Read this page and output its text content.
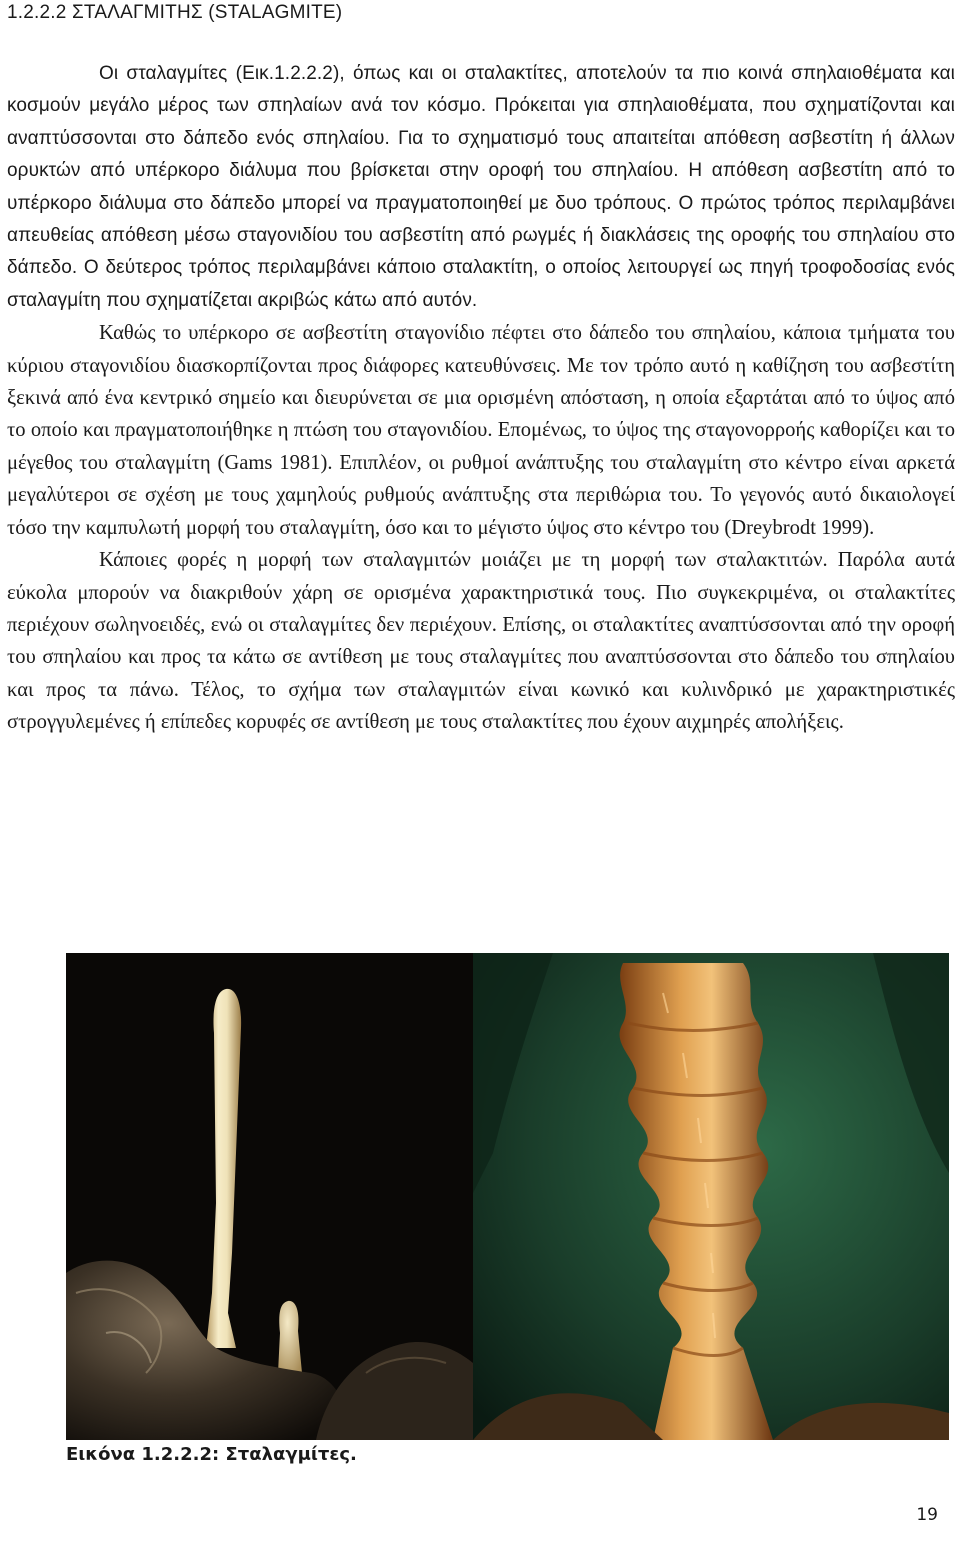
1.2.2.2 ΣΤΑΛΑΓΜΙΤΗΣ (STALAGMITE)

Οι σταλαγμίτες (Εικ.1.2.2.2), όπως και οι σταλακτίτες, αποτελούν τα πιο κοινά σπηλαιοθέματα και κοσμούν μεγάλο μέρος των σπηλαίων ανά τον κόσμο. Πρόκειται για σπηλαιοθέματα, που σχηματίζονται και αναπτύσσονται στο δάπεδο ενός σπηλαίου. Για το σχηματισμό τους απαιτείται απόθεση ασβεστίτη ή άλλων ορυκτών από υπέρκορο διάλυμα που βρίσκεται στην οροφή του σπηλαίου. Η απόθεση ασβεστίτη από το υπέρκορο διάλυμα στο δάπεδο μπορεί να πραγματοποιηθεί με δυο τρόπους. Ο πρώτος τρόπος περιλαμβάνει απευθείας απόθεση μέσω σταγονιδίου του ασβεστίτη από ρωγμές ή διακλάσεις της οροφής του σπηλαίου στο δάπεδο. Ο δεύτερος τρόπος περιλαμβάνει κάποιο σταλακτίτη, ο οποίος λειτουργεί ως πηγή τροφοδοσίας ενός σταλαγμίτη που σχηματίζεται ακριβώς κάτω από αυτόν.

Καθώς το υπέρκορο σε ασβεστίτη σταγονίδιο πέφτει στο δάπεδο του σπηλαίου, κάποια τμήματα του κύριου σταγονιδίου διασκορπίζονται προς διάφορες κατευθύνσεις. Με τον τρόπο αυτό η καθίζηση του ασβεστίτη ξεκινά από ένα κεντρικό σημείο και διευρύνεται σε μια ορισμένη απόσταση, η οποία εξαρτάται από το ύψος από το οποίο και πραγματοποιήθηκε η πτώση του σταγονιδίου. Επομένως, το ύψος της σταγονορροής καθορίζει και το μέγεθος του σταλαγμίτη (Gams 1981). Επιπλέον, οι ρυθμοί ανάπτυξης του σταλαγμίτη στο κέντρο είναι αρκετά μεγαλύτεροι σε σχέση με τους χαμηλούς ρυθμούς ανάπτυξης στα περιθώρια του. Το γεγονός αυτό δικαιολογεί τόσο την καμπυλωτή μορφή του σταλαγμίτη, όσο και το μέγιστο ύψος στο κέντρο του (Dreybrodt 1999).

Κάποιες φορές η μορφή των σταλαγμιτών μοιάζει με τη μορφή των σταλακτιτών. Παρόλα αυτά εύκολα μπορούν να διακριθούν χάρη σε ορισμένα χαρακτηριστικά τους. Πιο συγκεκριμένα, οι σταλακτίτες περιέχουν σωληνοειδές, ενώ οι σταλαγμίτες δεν περιέχουν. Επίσης, οι σταλακτίτες αναπτύσσονται από την οροφή του σπηλαίου και προς τα κάτω σε αντίθεση με τους σταλαγμίτες που αναπτύσσονται στο δάπεδο του σπηλαίου και προς τα πάνω. Τέλος, το σχήμα των σταλαγμιτών είναι κωνικό και κυλινδρικό με χαρακτηριστικές στρογγυλεμένες ή επίπεδες κορυφές σε αντίθεση με τους σταλακτίτες που έχουν αιχμηρές απολήξεις.

Εικόνα 1.2.2.2: Σταλαγμίτες.
19
